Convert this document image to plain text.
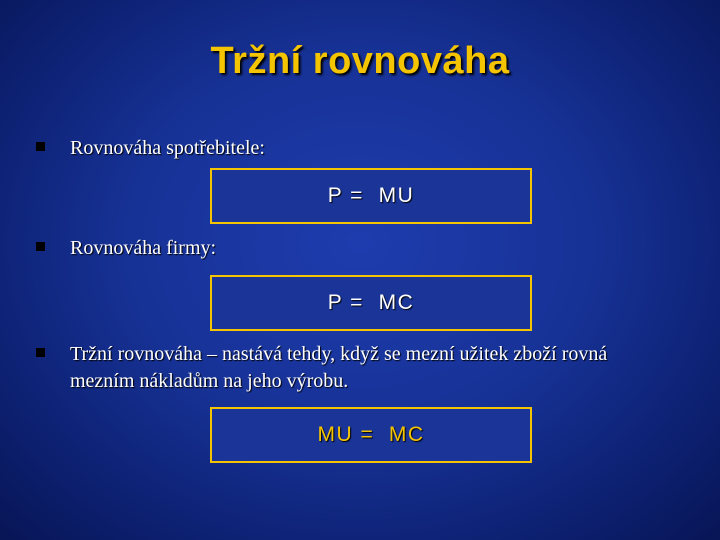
Tržní rovnováha
Rovnováha spotřebitele:
P =  MU
Rovnováha firmy:
P =  MC
Tržní rovnováha – nastává tehdy, když se mezní užitek zboží rovná mezním nákladům na jeho výrobu.
MU =  MC
